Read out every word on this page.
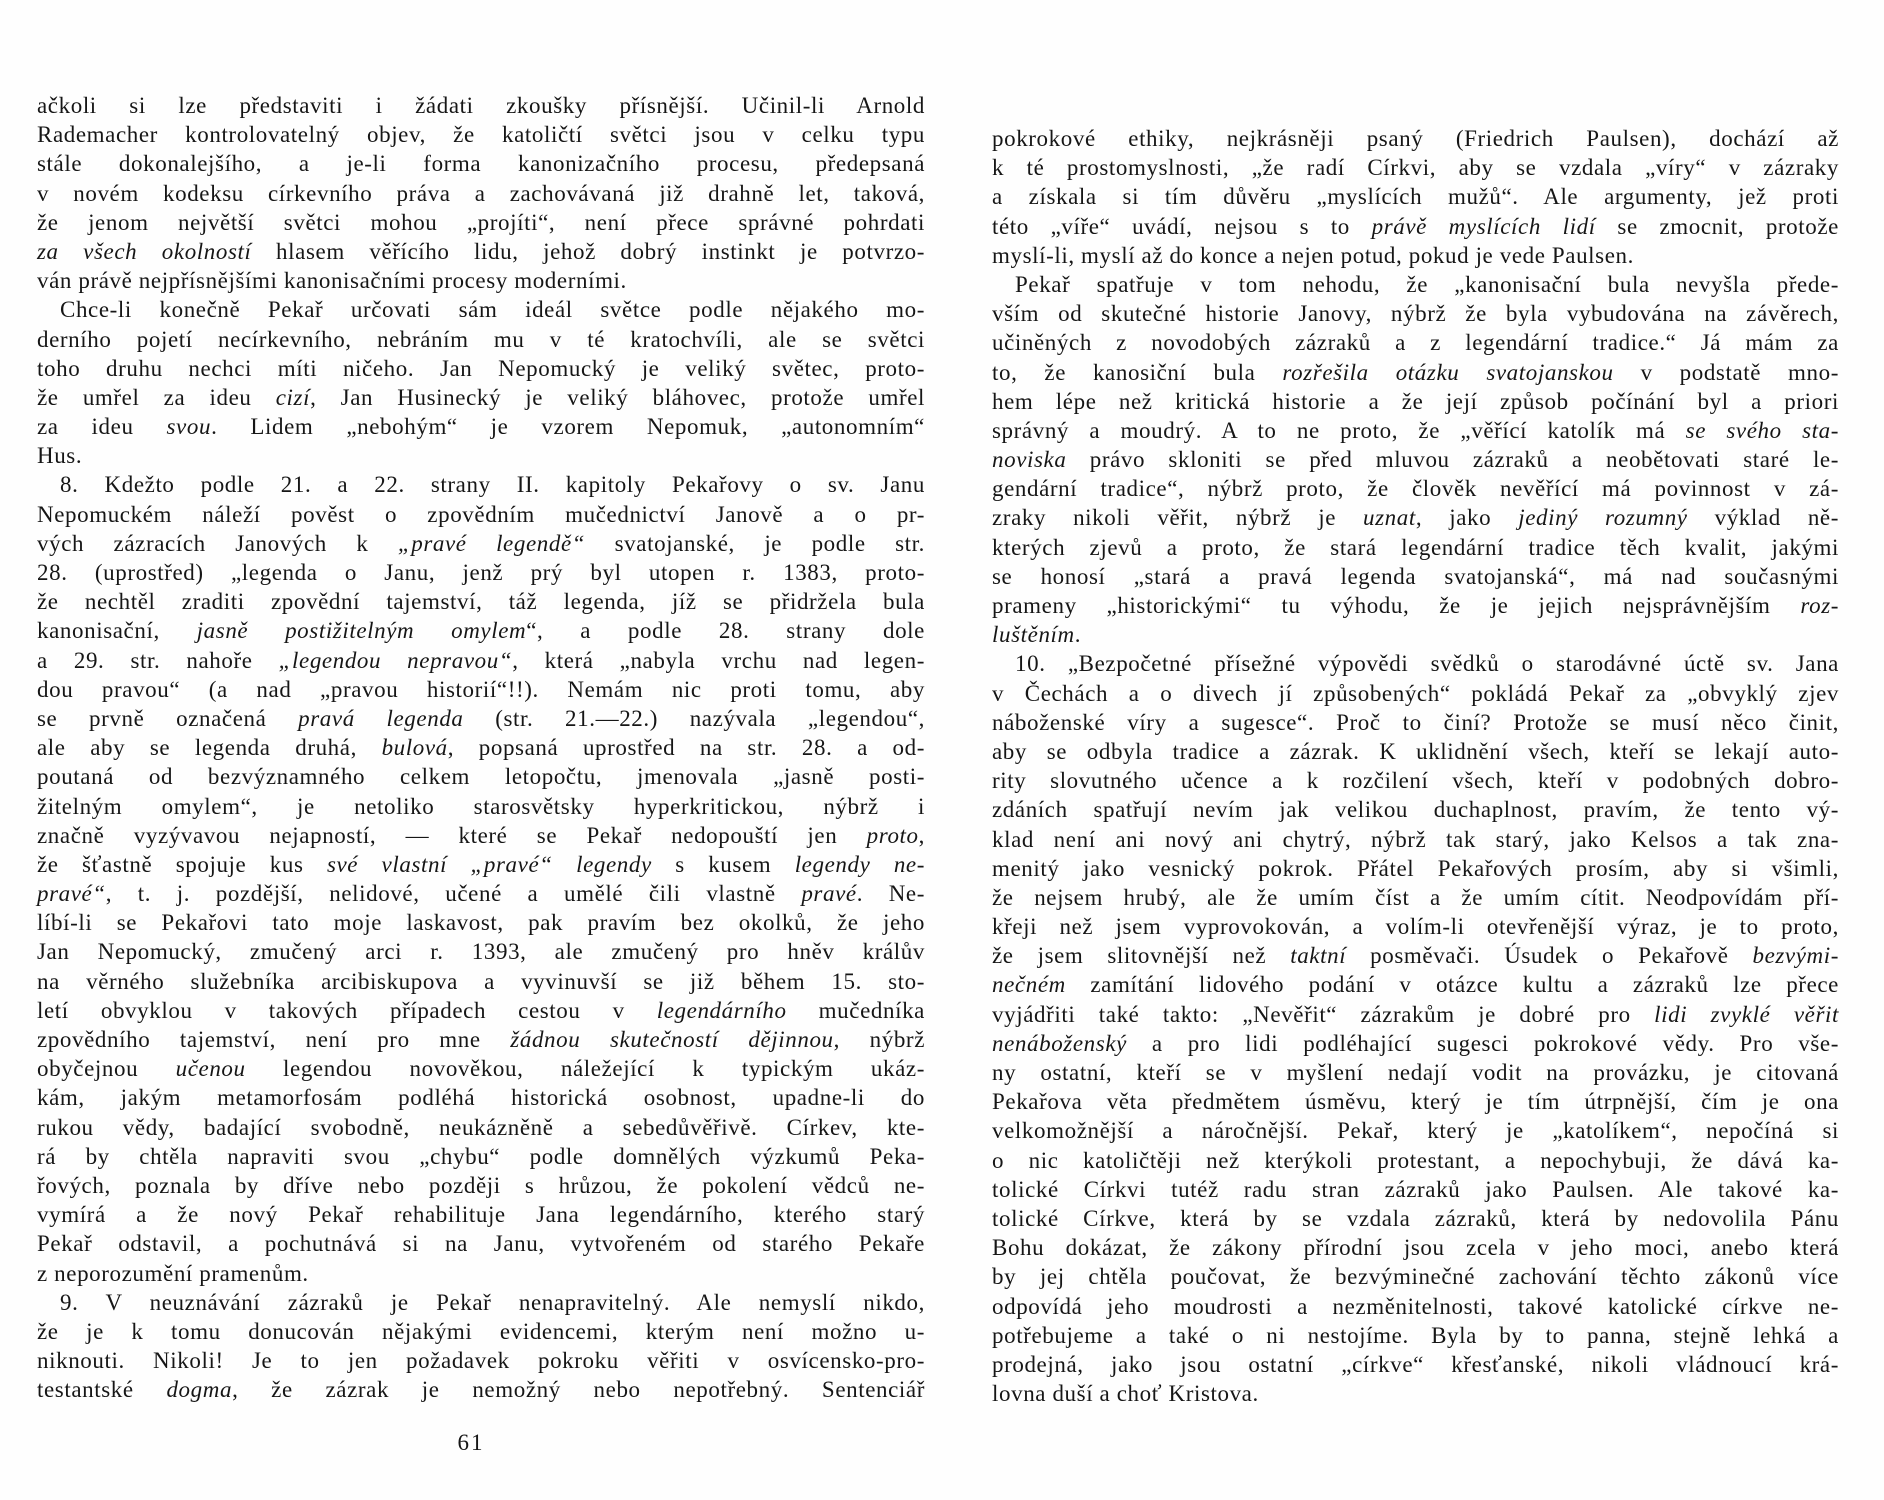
ačkoli si lze představiti i žádati zkoušky přísnější. Učinil-li Arnold
Rademacher kontrolovatelný objev, že katoličtí světci jsou v celku typu
stále dokonalejšího, a je-li forma kanonizačního procesu, předepsaná
v novém kodeksu církevního práva a zachovávaná již drahně let, taková,
že jenom největší světci mohou „projíti“, není přece správné pohrdati
za všech okolností hlasem věřícího lidu, jehož dobrý instinkt je potvrzo-
ván právě nejpřísnějšími kanonisačními procesy moderními.
Chce-li konečně Pekař určovati sám ideál světce podle nějakého mo-
derního pojetí necírkevního, nebráním mu v té kratochvíli, ale se světci
toho druhu nechci míti ničeho. Jan Nepomucký je veliký světec, proto-
že umřel za ideu cizí, Jan Husinecký je veliký bláhovec, protože umřel
za ideu svou. Lidem „nebohým“ je vzorem Nepomuk, „autonomním“
Hus.
8. Kdežto podle 21. a 22. strany II. kapitoly Pekařovy o sv. Janu
Nepomuckém náleží pověst o zpovědním mučednictví Janově a o pr-
vých zázracích Janových k „pravé legendě“ svatojanské, je podle str.
28. (uprostřed) „legenda o Janu, jenž prý byl utopen r. 1383, proto-
že nechtěl zraditi zpovědní tajemství, táž legenda, jíž se přidržela bula
kanonisační, jasně postižitelným omylem“, a podle 28. strany dole
a 29. str. nahoře „legendou nepravou“, která „nabyla vrchu nad legen-
dou pravou“ (a nad „pravou historií“!!). Nemám nic proti tomu, aby
se prvně označená pravá legenda (str. 21.—22.) nazývala „legendou“,
ale aby se legenda druhá, bulová, popsaná uprostřed na str. 28. a od-
poutaná od bezvýznamného celkem letopočtu, jmenovala „jasně posti-
žitelným omylem“, je netoliko starosvětsky hyperkritickou, nýbrž i
značně vyzývavou nejapností, — které se Pekař nedopouští jen proto,
že šťastně spojuje kus své vlastní „pravé“ legendy s kusem legendy ne-
pravé“, t. j. pozdější, nelidové, učené a umělé čili vlastně pravé. Ne-
líbí-li se Pekařovi tato moje laskavost, pak pravím bez okolků, že jeho
Jan Nepomucký, zmučený arci r. 1393, ale zmučený pro hněv králův
na věrného služebníka arcibiskupova a vyvinuvší se již během 15. sto-
letí obvyklou v takových případech cestou v legendárního mučedníka
zpovědního tajemství, není pro mne žádnou skutečností dějinnou, nýbrž
obyčejnou učenou legendou novověkou, náležející k typickým ukáz-
kám, jakým metamorfosám podléhá historická osobnost, upadne-li do
rukou vědy, badající svobodně, neukázněně a sebedůvěřivě. Církev, kte-
rá by chtěla napraviti svou „chybu“ podle domnělých výzkumů Peka-
řových, poznala by dříve nebo později s hrůzou, že pokolení vědců ne-
vymírá a že nový Pekař rehabilituje Jana legendárního, kterého starý
Pekař odstavil, a pochutnává si na Janu, vytvořeném od starého Pekaře
z neporozumění pramenům.
9. V neuznávání zázraků je Pekař nenapravitelný. Ale nemyslí nikdo,
že je k tomu donucován nějakými evidencemi, kterým není možno u-
niknouti. Nikoli! Je to jen požadavek pokroku věřiti v osvícensko-pro-
testantské dogma, že zázrak je nemožný nebo nepotřebný. Sentenciář
pokrokové ethiky, nejkrásněji psaný (Friedrich Paulsen), dochází až
k té prostomyslnosti, „že radí Církvi, aby se vzdala „víry“ v zázraky
a získala si tím důvěru „myslících mužů“. Ale argumenty, jež proti
této „víře“ uvádí, nejsou s to právě myslících lidí se zmocnit, protože
myslí-li, myslí až do konce a nejen potud, pokud je vede Paulsen.
Pekař spatřuje v tom nehodu, že „kanonisační bula nevyšla přede-
vším od skutečné historie Janovy, nýbrž že byla vybudována na závěrech,
učiněných z novodobých zázraků a z legendární tradice.“ Já mám za
to, že kanosiční bula rozřešila otázku svatojanskou v podstatě mno-
hem lépe než kritická historie a že její způsob počínání byl a priori
správný a moudrý. A to ne proto, že „věřící katolík má se svého sta-
noviska právo skloniti se před mluvou zázraků a neobětovati staré le-
gendární tradice“, nýbrž proto, že člověk nevěřící má povinnost v zá-
zraky nikoli věřit, nýbrž je uznat, jako jediný rozumný výklad ně-
kterých zjevů a proto, že stará legendární tradice těch kvalit, jakými
se honosí „stará a pravá legenda svatojanská“, má nad současnými
prameny „historickými“ tu výhodu, že je jejich nejsprávnějším roz-
luštěním.
10. „Bezpočetné přísežné výpovědi svědků o starodávné úctě sv. Jana
v Čechách a o divech jí způsobených“ pokládá Pekař za „obvyklý zjev
náboženské víry a sugesce“. Proč to činí? Protože se musí něco činit,
aby se odbyla tradice a zázrak. K uklidnění všech, kteří se lekají auto-
rity slovutného učence a k rozčilení všech, kteří v podobných dobro-
zdáních spatřují nevím jak velikou duchaplnost, pravím, že tento vý-
klad není ani nový ani chytrý, nýbrž tak starý, jako Kelsos a tak zna-
menitý jako vesnický pokrok. Přátel Pekařových prosím, aby si všimli,
že nejsem hrubý, ale že umím číst a že umím cítit. Neodpovídám pří-
křeji než jsem vyprovokován, a volím-li otevřenější výraz, je to proto,
že jsem slitovnější než taktní posměvači. Úsudek o Pekařově bezvými-
nečném zamítání lidového podání v otázce kultu a zázraků lze přece
vyjádřiti také takto: „Nevěřit“ zázrakům je dobré pro lidi zvyklé věřit
nenáboženský a pro lidi podléhající sugesci pokrokové vědy. Pro vše-
ny ostatní, kteří se v myšlení nedají vodit na provázku, je citovaná
Pekařova věta předmětem úsměvu, který je tím útrpnější, čím je ona
velkomožnější a náročnější. Pekař, který je „katolíkem“, nepočíná si
o nic katoličtěji než kterýkoli protestant, a nepochybuji, že dává ka-
tolické Církvi tutéž radu stran zázraků jako Paulsen. Ale takové ka-
tolické Církve, která by se vzdala zázraků, která by nedovolila Pánu
Bohu dokázat, že zákony přírodní jsou zcela v jeho moci, anebo která
by jej chtěla poučovat, že bezvýminečné zachování těchto zákonů více
odpovídá jeho moudrosti a nezměnitelnosti, takové katolické církve ne-
potřebujeme a také o ni nestojíme. Byla by to panna, stejně lehká a
prodejná, jako jsou ostatní „církve“ křesťanské, nikoli vládnoucí krá-
lovna duší a choť Kristova.
61
